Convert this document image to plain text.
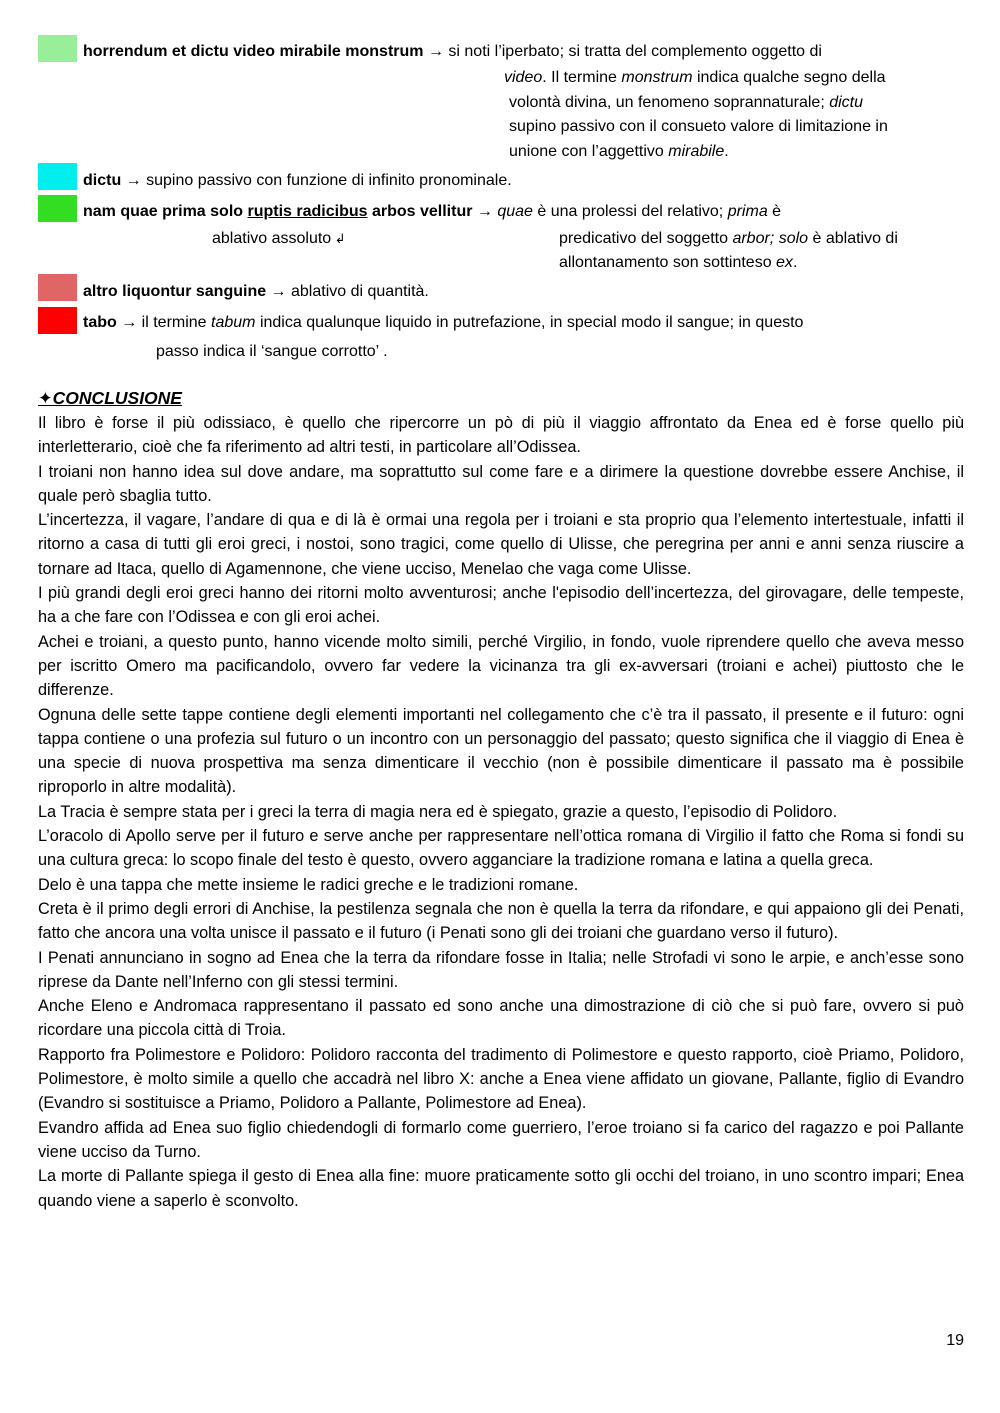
horrendum et dictu video mirabile monstrum → si noti l’iperbato; si tratta del complemento oggetto di
video. Il termine monstrum indica qualche segno della
volontà divina, un fenomeno soprannaturale; dictu
supino passivo con il consueto valore di limitazione in
unione con l’aggettivo mirabile.
dictu → supino passivo con funzione di infinito pronominale.
nam quae prima solo ruptis radicibus arbos vellitur → quae è una prolessi del relativo; prima è
ablativo assoluto ↲	predicativo del soggetto arbor; solo è ablativo di
allontanamento son sottinteso ex.
altro liquontur sanguine → ablativo di quantità.
tabo → il termine tabum indica qualunque liquido in putrefazione, in special modo il sangue; in questo
passo indica il ‘sangue corrotto’ .
✦CONCLUSIONE

Il libro è forse il più odissiaco, è quello che ripercorre un pò di più il viaggio affrontato da Enea ed è forse quello più interletterario, cioè che fa riferimento ad altri testi, in particolare all’Odissea.

I troiani non hanno idea sul dove andare, ma soprattutto sul come fare e a dirimere la questione dovrebbe essere Anchise, il quale però sbaglia tutto.

L’incertezza, il vagare, l’andare di qua e di là è ormai una regola per i troiani e sta proprio qua l’elemento intertestuale, infatti il ritorno a casa di tutti gli eroi greci, i nostoi, sono tragici, come quello di Ulisse, che peregrina per anni e anni senza riuscire a tornare ad Itaca, quello di Agamennone, che viene ucciso, Menelao che vaga come Ulisse.

I più grandi degli eroi greci hanno dei ritorni molto avventurosi; anche l'episodio dell’incertezza, del girovagare, delle tempeste, ha a che fare con l’Odissea e con gli eroi achei.

Achei e troiani, a questo punto, hanno vicende molto simili, perché Virgilio, in fondo, vuole riprendere quello che aveva messo per iscritto Omero ma pacificandolo, ovvero far vedere la vicinanza tra gli ex-avversari (troiani e achei) piuttosto che le differenze.

Ognuna delle sette tappe contiene degli elementi importanti nel collegamento che c’è tra il passato, il presente e il futuro: ogni tappa contiene o una profezia sul futuro o un incontro con un personaggio del passato; questo significa che il viaggio di Enea è una specie di nuova prospettiva ma senza dimenticare il vecchio (non è possibile dimenticare il passato ma è possibile riproporlo in altre modalità).

La Tracia è sempre stata per i greci la terra di magia nera ed è spiegato, grazie a questo, l’episodio di Polidoro.

L’oracolo di Apollo serve per il futuro e serve anche per rappresentare nell’ottica romana di Virgilio il fatto che Roma si fondi su una cultura greca: lo scopo finale del testo è questo, ovvero agganciare la tradizione romana e latina a quella greca.

Delo è una tappa che mette insieme le radici greche e le tradizioni romane.

Creta è il primo degli errori di Anchise, la pestilenza segnala che non è quella la terra da rifondare, e qui appaiono gli dei Penati, fatto che ancora una volta unisce il passato e il futuro (i Penati sono gli dei troiani che guardano verso il futuro).

I Penati annunciano in sogno ad Enea che la terra da rifondare fosse in Italia; nelle Strofadi vi sono le arpie, e anch’esse sono riprese da Dante nell’Inferno con gli stessi termini.

Anche Eleno e Andromaca rappresentano il passato ed sono anche una dimostrazione di ciò che si può fare, ovvero si può ricordare una piccola città di Troia.

Rapporto fra Polimestore e Polidoro: Polidoro racconta del tradimento di Polimestore e questo rapporto, cioè Priamo, Polidoro, Polimestore, è molto simile a quello che accadrà nel libro X: anche a Enea viene affidato un giovane, Pallante, figlio di Evandro (Evandro si sostituisce a Priamo, Polidoro a Pallante, Polimestore ad Enea).

Evandro affida ad Enea suo figlio chiedendogli di formarlo come guerriero, l’eroe troiano si fa carico del ragazzo e poi Pallante viene ucciso da Turno.

La morte di Pallante spiega il gesto di Enea alla fine: muore praticamente sotto gli occhi del troiano, in uno scontro impari; Enea quando viene a saperlo è sconvolto.

19
